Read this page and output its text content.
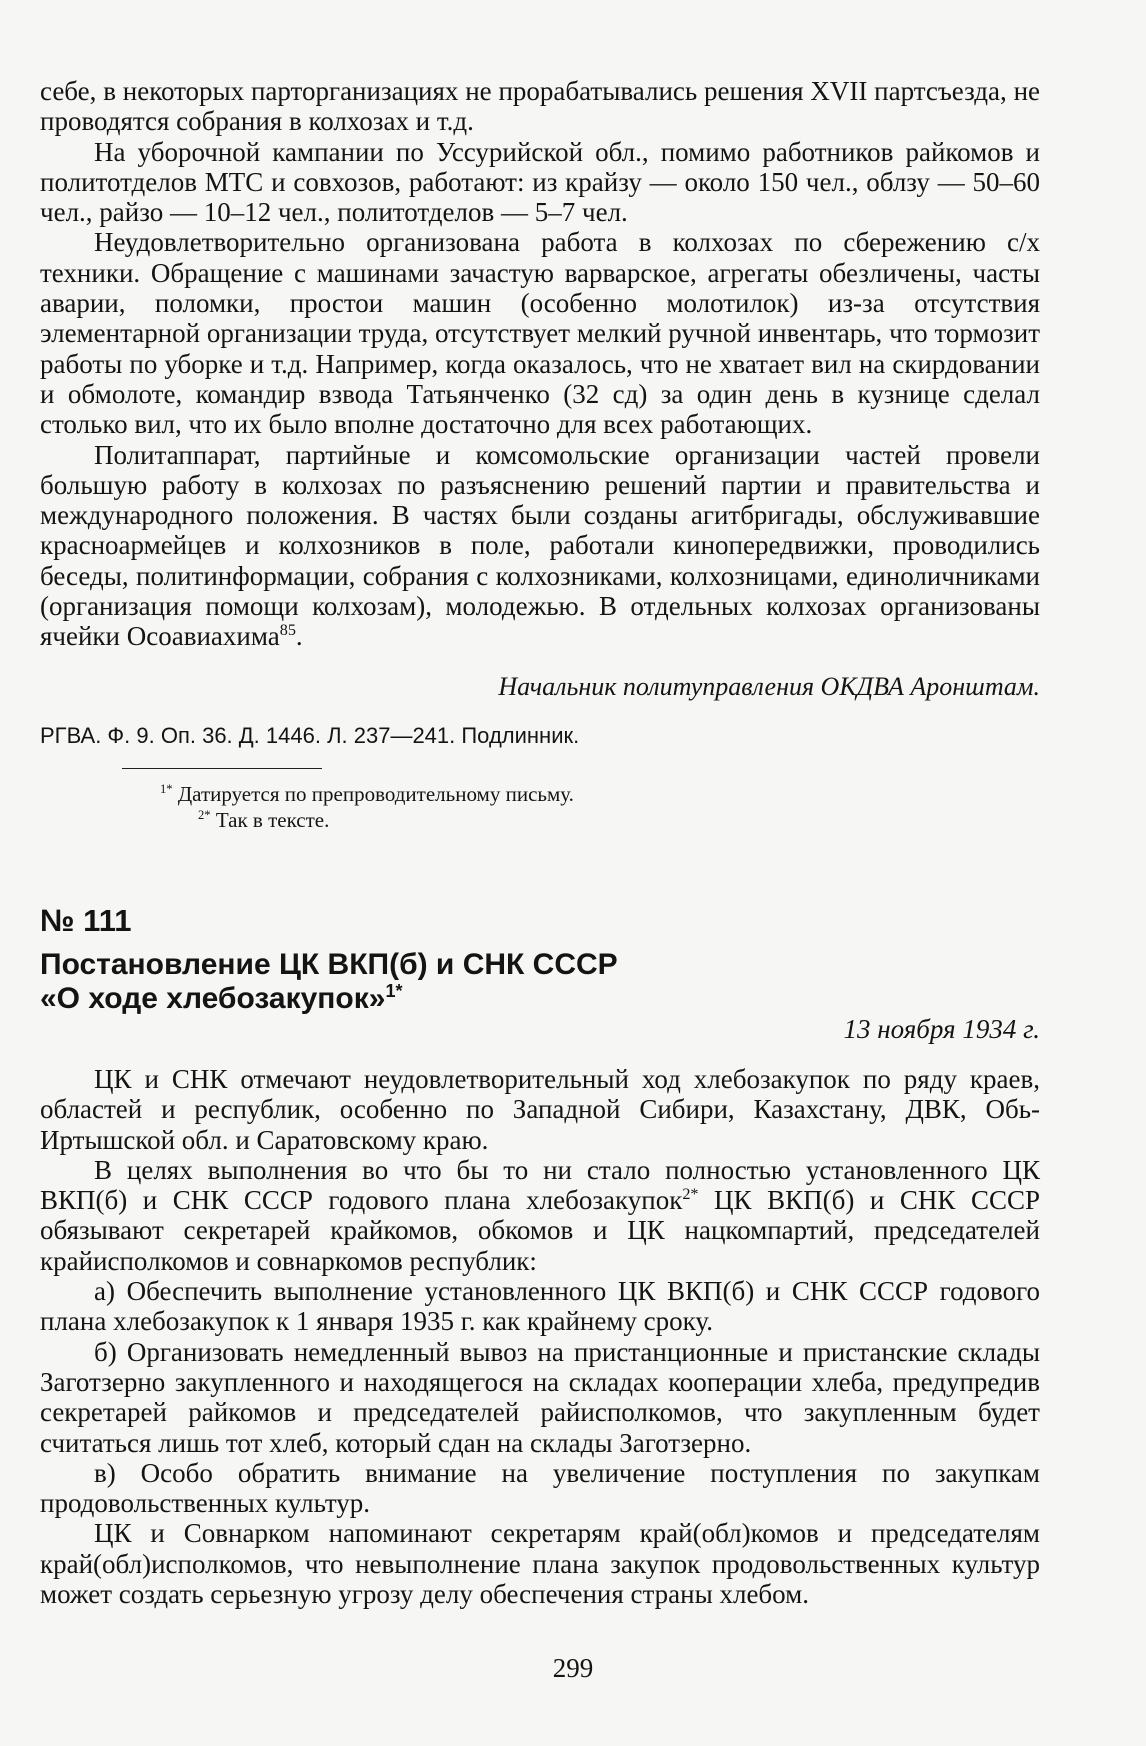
себе, в некоторых парторганизациях не прорабатывались решения XVII партсъезда, не проводятся собрания в колхозах и т.д.

На уборочной кампании по Уссурийской обл., помимо работников райкомов и политотделов МТС и совхозов, работают: из крайзу — около 150 чел., облзу — 50–60 чел., райзо — 10–12 чел., политотделов — 5–7 чел.

Неудовлетворительно организована работа в колхозах по сбережению с/х техники. Обращение с машинами зачастую варварское, агрегаты обезличены, часты аварии, поломки, простои машин (особенно молотилок) из-за отсутствия элементарной организации труда, отсутствует мелкий ручной инвентарь, что тормозит работы по уборке и т.д. Например, когда оказалось, что не хватает вил на скирдовании и обмолоте, командир взвода Татьянченко (32 сд) за один день в кузнице сделал столько вил, что их было вполне достаточно для всех работающих.

Политаппарат, партийные и комсомольские организации частей провели большую работу в колхозах по разъяснению решений партии и правительства и международного положения. В частях были созданы агитбригады, обслуживавшие красноармейцев и колхозников в поле, работали кинопередвижки, проводились беседы, политинформации, собрания с колхозниками, колхозницами, единоличниками (организация помощи колхозам), молодежью. В отдельных колхозах организованы ячейки Осоавиахима$^{85}$.

Начальник политуправления ОКДВА Аронштам.

РГВА. Ф. 9. Оп. 36. Д. 1446. Л. 237—241. Подлинник.

$^{1*}$ Датируется по препроводительному письму.

$^{2*}$ Так в тексте.

№ 111

Постановление ЦК ВКП(б) и СНК СССР

«О ходе хлебозакупок»$^{1*}$

13 ноября 1934 г.

ЦК и СНК отмечают неудовлетворительный ход хлебозакупок по ряду краев, областей и республик, особенно по Западной Сибири, Казахстану, ДВК, Обь-Иртышской обл. и Саратовскому краю.

В целях выполнения во что бы то ни стало полностью установленного ЦК ВКП(б) и СНК СССР годового плана хлебозакупок$^{2*}$ ЦК ВКП(б) и СНК СССР обязывают секретарей крайкомов, обкомов и ЦК нацкомпартий, председателей крайисполкомов и совнаркомов республик:

а) Обеспечить выполнение установленного ЦК ВКП(б) и СНК СССР годового плана хлебозакупок к 1 января 1935 г. как крайнему сроку.

б) Организовать немедленный вывоз на пристанционные и пристанские склады Заготзерно закупленного и находящегося на складах кооперации хлеба, предупредив секретарей райкомов и председателей райисполкомов, что закупленным будет считаться лишь тот хлеб, который сдан на склады Заготзерно.

в) Особо обратить внимание на увеличение поступления по закупкам продовольственных культур.

ЦК и Совнарком напоминают секретарям край(обл)комов и председателям край(обл)исполкомов, что невыполнение плана закупок продовольственных культур может создать серьезную угрозу делу обеспечения страны хлебом.

299
